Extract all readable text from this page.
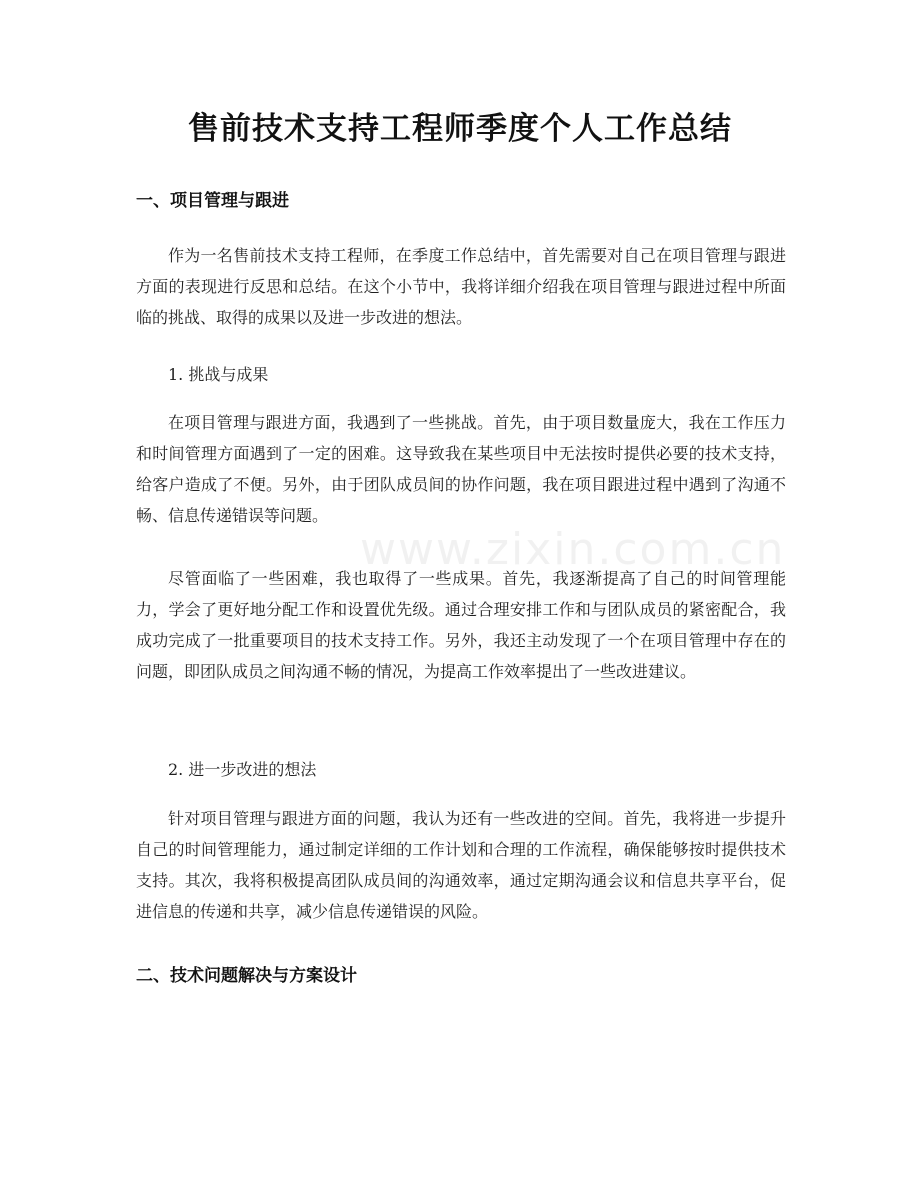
www.zixin.com.cn
售前技术支持工程师季度个人工作总结
一、项目管理与跟进
作为一名售前技术支持工程师，在季度工作总结中，首先需要对自己在项目管理与跟进方面的表现进行反思和总结。在这个小节中，我将详细介绍我在项目管理与跟进过程中所面临的挑战、取得的成果以及进一步改进的想法。
1. 挑战与成果
在项目管理与跟进方面，我遇到了一些挑战。首先，由于项目数量庞大，我在工作压力和时间管理方面遇到了一定的困难。这导致我在某些项目中无法按时提供必要的技术支持，给客户造成了不便。另外，由于团队成员间的协作问题，我在项目跟进过程中遇到了沟通不畅、信息传递错误等问题。
尽管面临了一些困难，我也取得了一些成果。首先，我逐渐提高了自己的时间管理能力，学会了更好地分配工作和设置优先级。通过合理安排工作和与团队成员的紧密配合，我成功完成了一批重要项目的技术支持工作。另外，我还主动发现了一个在项目管理中存在的问题，即团队成员之间沟通不畅的情况，为提高工作效率提出了一些改进建议。
2. 进一步改进的想法
针对项目管理与跟进方面的问题，我认为还有一些改进的空间。首先，我将进一步提升自己的时间管理能力，通过制定详细的工作计划和合理的工作流程，确保能够按时提供技术支持。其次，我将积极提高团队成员间的沟通效率，通过定期沟通会议和信息共享平台，促进信息的传递和共享，减少信息传递错误的风险。
二、技术问题解决与方案设计
